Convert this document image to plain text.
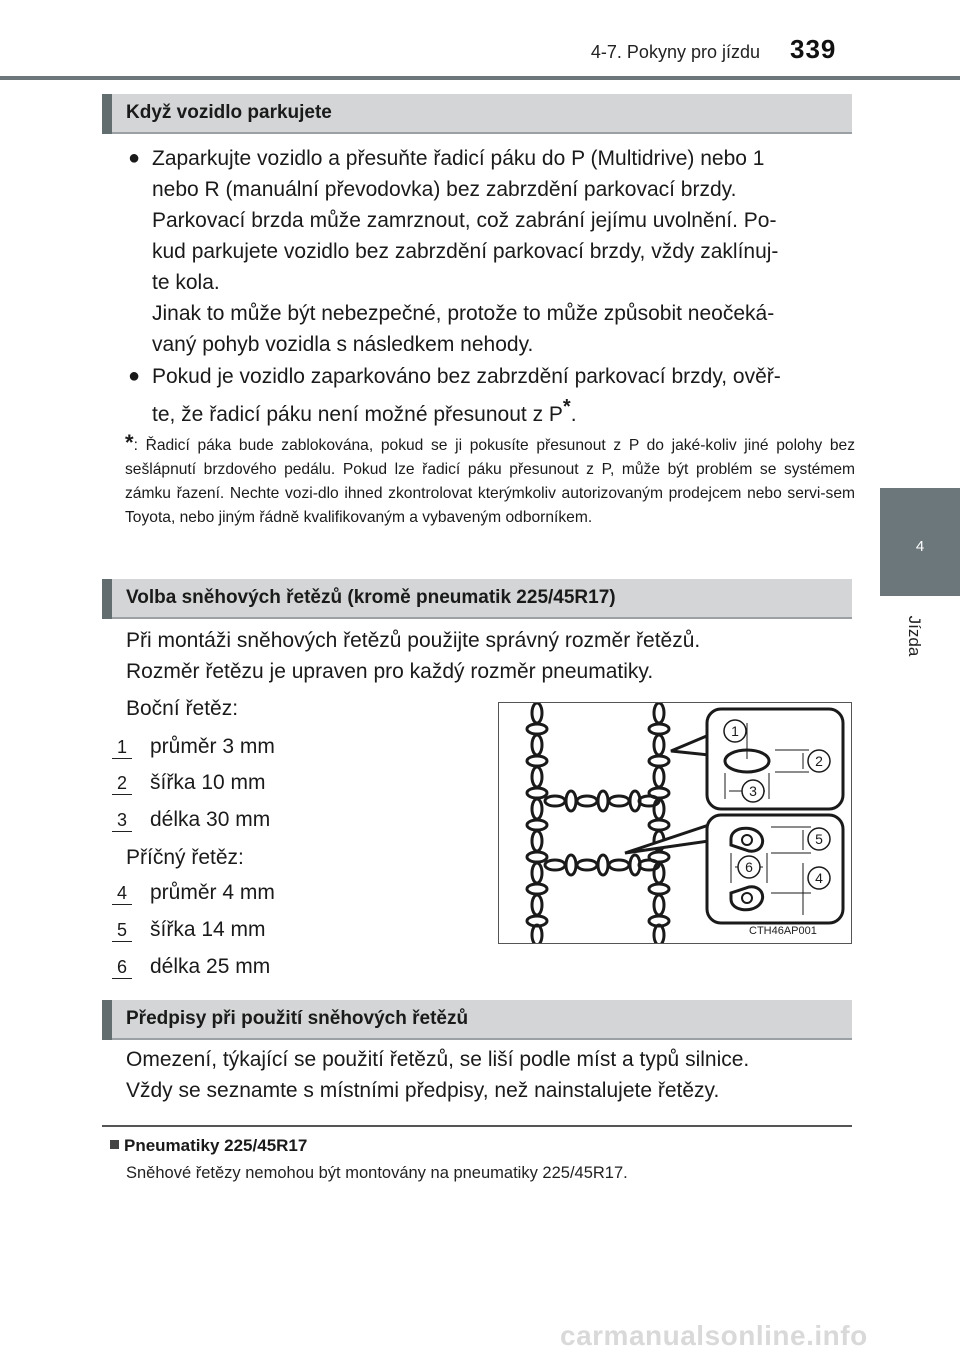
4-7. Pokyny pro jízdu 339
4
Jízda
Když vozidlo parkujete
● Zaparkujte vozidlo a přesuňte řadicí páku do P (Multidrive) nebo 1
nebo R (manuální převodovka) bez zabrzdění parkovací brzdy.
Parkovací brzda může zamrznout, což zabrání jejímu uvolnění. Po-
kud parkujete vozidlo bez zabrzdění parkovací brzdy, vždy zaklínuj-
te kola.
Jinak to může být nebezpečné, protože to může způsobit neočeká-
vaný pohyb vozidla s následkem nehody.
● Pokud je vozidlo zaparkováno bez zabrzdění parkovací brzdy, ověř-
te, že řadicí páku není možné přesunout z P*.
*: Řadicí páka bude zablokována, pokud se ji pokusíte přesunout z P do jaké-koliv jiné polohy bez sešlápnutí brzdového pedálu. Pokud lze řadicí páku přesunout z P, může být problém se systémem zámku řazení. Nechte vozi-dlo ihned zkontrolovat kterýmkoliv autorizovaným prodejcem nebo servi-sem Toyota, nebo jiným řádně kvalifikovaným a vybaveným odborníkem.
Volba sněhových řetězů (kromě pneumatik 225/45R17)
Při montáži sněhových řetězů použijte správný rozměr řetězů.
Rozměr řetězu je upraven pro každý rozměr pneumatiky.
Boční řetěz:
1 průměr 3 mm
2 šířka 10 mm
3 délka 30 mm
Příčný řetěz:
4 průměr 4 mm
5 šířka 14 mm
6 délka 25 mm
1
2
3
5
6
4
CTH46AP001
Předpisy při použití sněhových řetězů
Omezení, týkající se použití řetězů, se liší podle míst a typů silnice.
Vždy se seznamte s místními předpisy, než nainstalujete řetězy.
Pneumatiky 225/45R17
Sněhové řetězy nemohou být montovány na pneumatiky 225/45R17.
carmanualsonline.info
